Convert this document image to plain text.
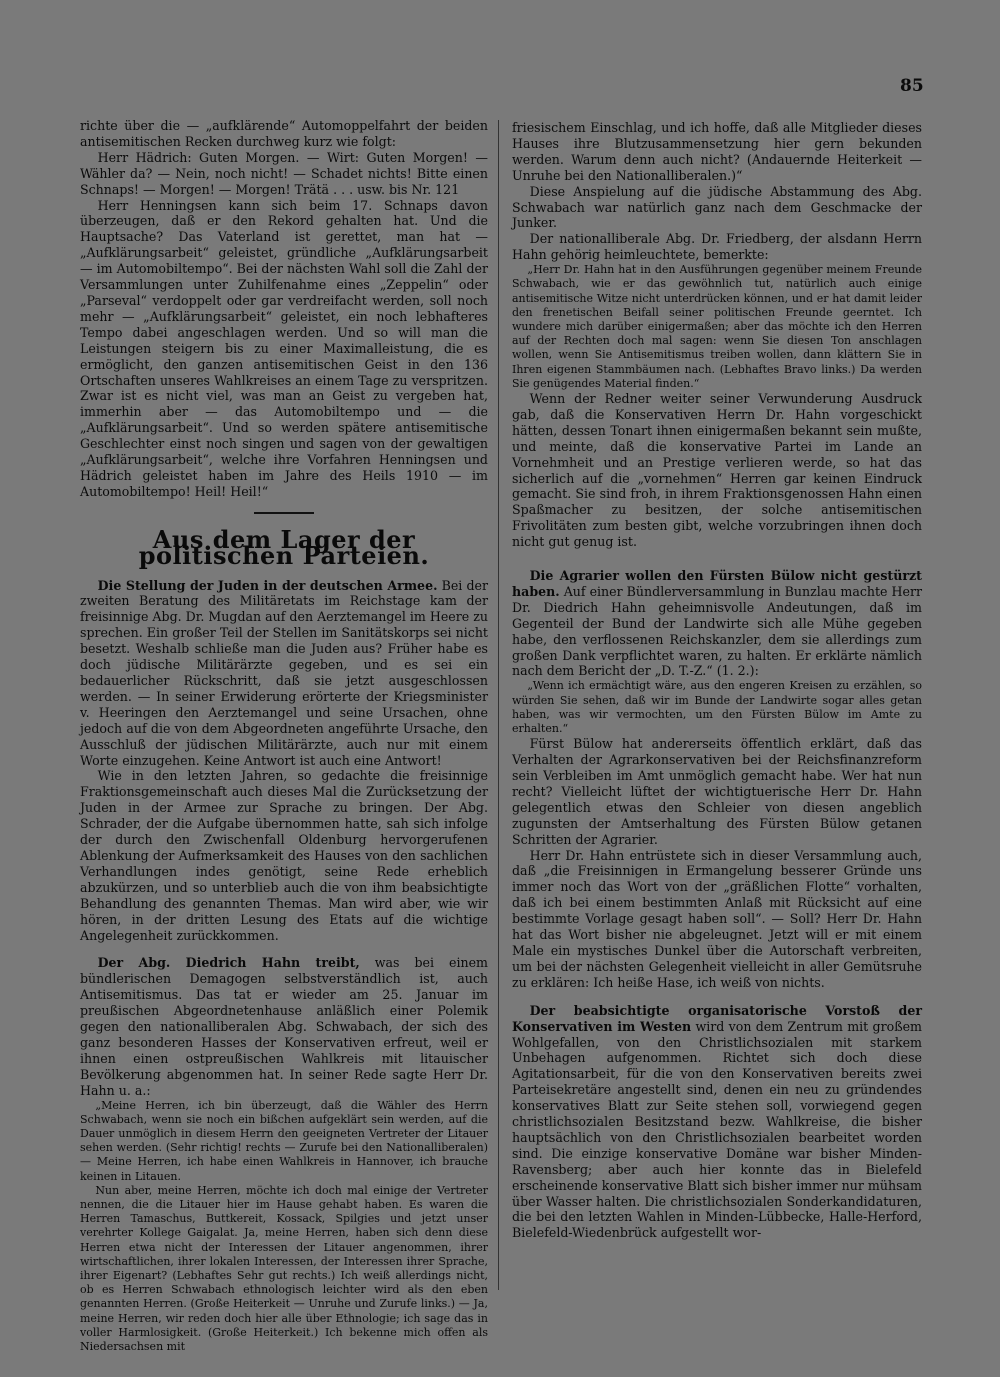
85

richte über die — „aufklärende“ Automoppelfahrt der beiden antisemitischen Recken durchweg kurz wie folgt:

Herr Hädrich: Guten Morgen. — Wirt: Guten Morgen! — Wähler da? — Nein, noch nicht! — Schadet nichts! Bitte einen Schnaps! — Morgen! — Morgen! Trätä . . . usw. bis Nr. 121

Herr Henningsen kann sich beim 17. Schnaps davon überzeugen, daß er den Rekord gehalten hat. Und die Hauptsache? Das Vaterland ist gerettet, man hat — „Aufklärungsarbeit“ geleistet, gründliche „Aufklärungsarbeit — im Automobiltempo“. Bei der nächsten Wahl soll die Zahl der Versammlungen unter Zuhilfenahme eines „Zeppelin“ oder „Parseval“ verdoppelt oder gar verdreifacht werden, soll noch mehr — „Aufklärungsarbeit“ geleistet, ein noch lebhafteres Tempo dabei angeschlagen werden. Und so will man die Leistungen steigern bis zu einer Maximalleistung, die es ermöglicht, den ganzen antisemitischen Geist in den 136 Ortschaften unseres Wahlkreises an einem Tage zu verspritzen. Zwar ist es nicht viel, was man an Geist zu vergeben hat, immerhin aber — das Automobiltempo und — die „Aufklärungsarbeit“. Und so werden spätere antisemitische Geschlechter einst noch singen und sagen von der gewaltigen „Aufklärungsarbeit“, welche ihre Vorfahren Henningsen und Hädrich geleistet haben im Jahre des Heils 1910 — im Automobiltempo! Heil! Heil!“

Aus dem Lager der politischen Parteien.

Die Stellung der Juden in der deutschen Armee. Bei der zweiten Beratung des Militäretats im Reichstage kam der freisinnige Abg. Dr. Mugdan auf den Aerztemangel im Heere zu sprechen. Ein großer Teil der Stellen im Sanitätskorps sei nicht besetzt. Weshalb schließe man die Juden aus? Früher habe es doch jüdische Militärärzte gegeben, und es sei ein bedauerlicher Rückschritt, daß sie jetzt ausgeschlossen werden. — In seiner Erwiderung erörterte der Kriegsminister v. Heeringen den Aerztemangel und seine Ursachen, ohne jedoch auf die von dem Abgeordneten angeführte Ursache, den Ausschluß der jüdischen Militärärzte, auch nur mit einem Worte einzugehen. Keine Antwort ist auch eine Antwort!

Wie in den letzten Jahren, so gedachte die freisinnige Fraktionsgemeinschaft auch dieses Mal die Zurücksetzung der Juden in der Armee zur Sprache zu bringen. Der Abg. Schrader, der die Aufgabe übernommen hatte, sah sich infolge der durch den Zwischenfall Oldenburg hervorgerufenen Ablenkung der Aufmerksamkeit des Hauses von den sachlichen Verhandlungen indes genötigt, seine Rede erheblich abzukürzen, und so unterblieb auch die von ihm beabsichtigte Behandlung des genannten Themas. Man wird aber, wie wir hören, in der dritten Lesung des Etats auf die wichtige Angelegenheit zurückkommen.

Der Abg. Diedrich Hahn treibt, was bei einem bündlerischen Demagogen selbstverständlich ist, auch Antisemitismus. Das tat er wieder am 25. Januar im preußischen Abgeordnetenhause anläßlich einer Polemik gegen den nationalliberalen Abg. Schwabach, der sich des ganz besonderen Hasses der Konservativen erfreut, weil er ihnen einen ostpreußischen Wahlkreis mit litauischer Bevölkerung abgenommen hat. In seiner Rede sagte Herr Dr. Hahn u. a.:

„Meine Herren, ich bin überzeugt, daß die Wähler des Herrn Schwabach, wenn sie noch ein bißchen aufgeklärt sein werden, auf die Dauer unmöglich in diesem Herrn den geeigneten Vertreter der Litauer sehen werden. (Sehr richtig! rechts — Zurufe bei den Nationalliberalen) — Meine Herren, ich habe einen Wahlkreis in Hannover, ich brauche keinen in Litauen.

Nun aber, meine Herren, möchte ich doch mal einige der Vertreter nennen, die die Litauer hier im Hause gehabt haben. Es waren die Herren Tamaschus, Buttkereit, Kossack, Spilgies und jetzt unser verehrter Kollege Gaigalat. Ja, meine Herren, haben sich denn diese Herren etwa nicht der Interessen der Litauer angenommen, ihrer wirtschaftlichen, ihrer lokalen Interessen, der Interessen ihrer Sprache, ihrer Eigenart? (Lebhaftes Sehr gut rechts.) Ich weiß allerdings nicht, ob es Herren Schwabach ethnologisch leichter wird als den eben genannten Herren. (Große Heiterkeit — Unruhe und Zurufe links.) — Ja, meine Herren, wir reden doch hier alle über Ethnologie; ich sage das in voller Harmlosigkeit. (Große Heiterkeit.) Ich bekenne mich offen als Niedersachsen mit

friesischem Einschlag, und ich hoffe, daß alle Mitglieder dieses Hauses ihre Blutzusammensetzung hier gern bekunden werden. Warum denn auch nicht? (Andauernde Heiterkeit — Unruhe bei den Nationalliberalen.)“

Diese Anspielung auf die jüdische Abstammung des Abg. Schwabach war natürlich ganz nach dem Geschmacke der Junker.

Der nationalliberale Abg. Dr. Friedberg, der alsdann Herrn Hahn gehörig heimleuchtete, bemerkte:

„Herr Dr. Hahn hat in den Ausführungen gegenüber meinem Freunde Schwabach, wie er das gewöhnlich tut, natürlich auch einige antisemitische Witze nicht unterdrücken können, und er hat damit leider den frenetischen Beifall seiner politischen Freunde geerntet. Ich wundere mich darüber einigermaßen; aber das möchte ich den Herren auf der Rechten doch mal sagen: wenn Sie diesen Ton anschlagen wollen, wenn Sie Antisemitismus treiben wollen, dann klättern Sie in Ihren eigenen Stammbäumen nach. (Lebhaftes Bravo links.) Da werden Sie genügendes Material finden.“

Wenn der Redner weiter seiner Verwunderung Ausdruck gab, daß die Konservativen Herrn Dr. Hahn vorgeschickt hätten, dessen Tonart ihnen einigermaßen bekannt sein mußte, und meinte, daß die konservative Partei im Lande an Vornehmheit und an Prestige verlieren werde, so hat das sicherlich auf die „vornehmen“ Herren gar keinen Eindruck gemacht. Sie sind froh, in ihrem Fraktionsgenossen Hahn einen Spaßmacher zu besitzen, der solche antisemitischen Frivolitäten zum besten gibt, welche vorzubringen ihnen doch nicht gut genug ist.

Die Agrarier wollen den Fürsten Bülow nicht gestürzt haben. Auf einer Bündlerversammlung in Bunzlau machte Herr Dr. Diedrich Hahn geheimnisvolle Andeutungen, daß im Gegenteil der Bund der Landwirte sich alle Mühe gegeben habe, den verflossenen Reichskanzler, dem sie allerdings zum großen Dank verpflichtet waren, zu halten. Er erklärte nämlich nach dem Bericht der „D. T.-Z.“ (1. 2.):

„Wenn ich ermächtigt wäre, aus den engeren Kreisen zu erzählen, so würden Sie sehen, daß wir im Bunde der Landwirte sogar alles getan haben, was wir vermochten, um den Fürsten Bülow im Amte zu erhalten.“

Fürst Bülow hat andererseits öffentlich erklärt, daß das Verhalten der Agrarkonservativen bei der Reichsfinanzreform sein Verbleiben im Amt unmöglich gemacht habe. Wer hat nun recht? Vielleicht lüftet der wichtigtuerische Herr Dr. Hahn gelegentlich etwas den Schleier von diesen angeblich zugunsten der Amtserhaltung des Fürsten Bülow getanen Schritten der Agrarier.

Herr Dr. Hahn entrüstete sich in dieser Versammlung auch, daß „die Freisinnigen in Ermangelung besserer Gründe uns immer noch das Wort von der „gräßlichen Flotte“ vorhalten, daß ich bei einem bestimmten Anlaß mit Rücksicht auf eine bestimmte Vorlage gesagt haben soll“. — Soll? Herr Dr. Hahn hat das Wort bisher nie abgeleugnet. Jetzt will er mit einem Male ein mystisches Dunkel über die Autorschaft verbreiten, um bei der nächsten Gelegenheit vielleicht in aller Gemütsruhe zu erklären: Ich heiße Hase, ich weiß von nichts.

Der beabsichtigte organisatorische Vorstoß der Konservativen im Westen wird von dem Zentrum mit großem Wohlgefallen, von den Christlichsozialen mit starkem Unbehagen aufgenommen. Richtet sich doch diese Agitationsarbeit, für die von den Konservativen bereits zwei Parteisekretäre angestellt sind, denen ein neu zu gründendes konservatives Blatt zur Seite stehen soll, vorwiegend gegen christlichsozialen Besitzstand bezw. Wahlkreise, die bisher hauptsächlich von den Christlichsozialen bearbeitet worden sind. Die einzige konservative Domäne war bisher Minden-Ravensberg; aber auch hier konnte das in Bielefeld erscheinende konservative Blatt sich bisher immer nur mühsam über Wasser halten. Die christlichsozialen Sonderkandidaturen, die bei den letzten Wahlen in Minden-Lübbecke, Halle-Herford, Bielefeld-Wiedenbrück aufgestellt wor-
